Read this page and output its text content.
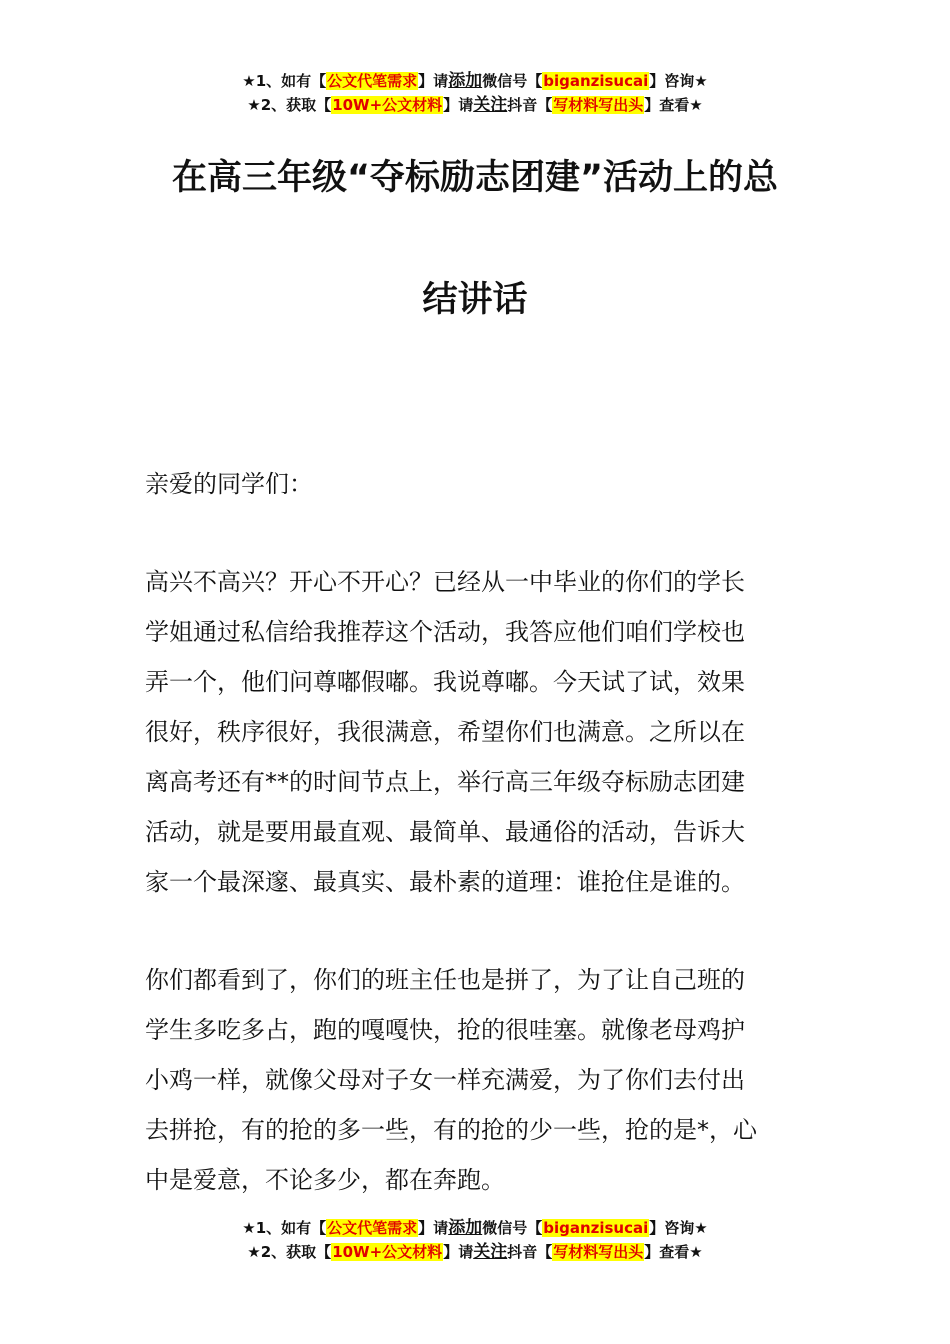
★1、如有【公文代笔需求】请添加微信号【biganzisucai】咨询★
★2、获取【10W+公文材料】请关注抖音【写材料写出头】查看★
在高三年级“夺标励志团建”活动上的总
结讲话
亲爱的同学们：
高兴不高兴？开心不开心？已经从一中毕业的你们的学长
学姐通过私信给我推荐这个活动，我答应他们咱们学校也
弄一个，他们问尊嘟假嘟。我说尊嘟。今天试了试，效果
很好，秩序很好，我很满意，希望你们也满意。之所以在
离高考还有**的时间节点上，举行高三年级夺标励志团建
活动，就是要用最直观、最简单、最通俗的活动，告诉大
家一个最深邃、最真实、最朴素的道理：谁抢住是谁的。
你们都看到了，你们的班主任也是拼了，为了让自己班的
学生多吃多占，跑的嘎嘎快，抢的很哇塞。就像老母鸡护
小鸡一样，就像父母对子女一样充满爱，为了你们去付出
去拼抢，有的抢的多一些，有的抢的少一些，抢的是*，心
中是爱意，不论多少，都在奔跑。
★1、如有【公文代笔需求】请添加微信号【biganzisucai】咨询★
★2、获取【10W+公文材料】请关注抖音【写材料写出头】查看★
